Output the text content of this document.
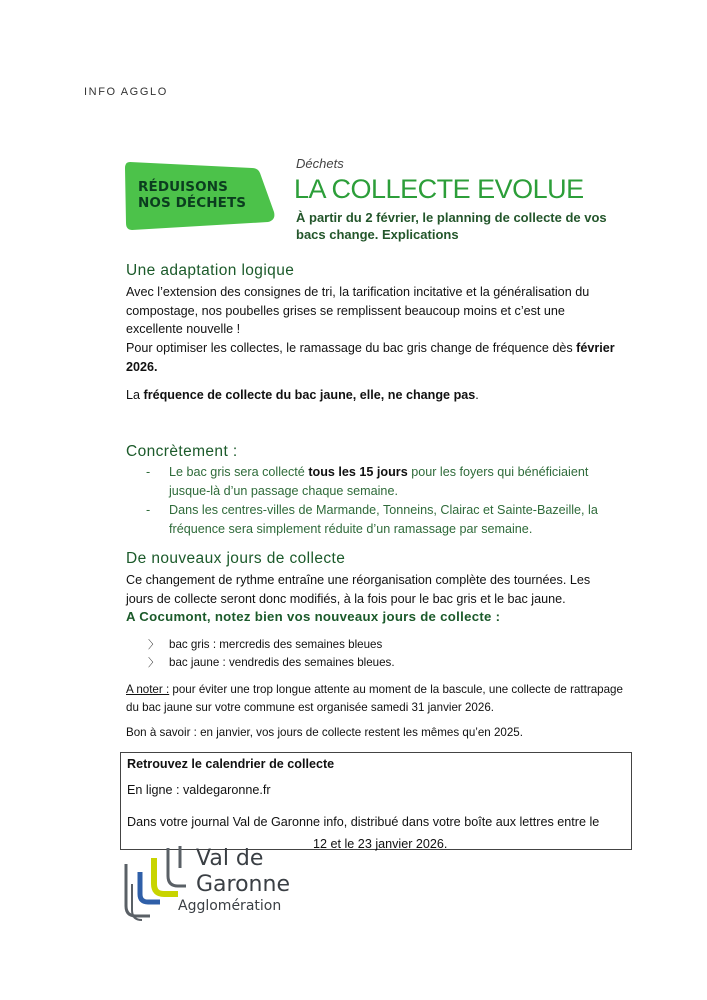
INFO AGGLO
RÉDUISONS
NOS DÉCHETS
Déchets
LA COLLECTE EVOLUE
À partir du 2 février, le planning de collecte de vos bacs change. Explications
Une adaptation logique
Avec l’extension des consignes de tri, la tarification incitative et la généralisation du compostage, nos poubelles grises se remplissent beaucoup moins et c’est une excellente nouvelle !
Pour optimiser les collectes, le ramassage du bac gris change de fréquence dès février 2026.
La fréquence de collecte du bac jaune, elle, ne change pas.
Concrètement :
- Le bac gris sera collecté tous les 15 jours pour les foyers qui bénéficiaient jusque-là d’un passage chaque semaine.
- Dans les centres-villes de Marmande, Tonneins, Clairac et Sainte-Bazeille, la fréquence sera simplement réduite d’un ramassage par semaine.
De nouveaux jours de collecte
Ce changement de rythme entraîne une réorganisation complète des tournées. Les jours de collecte seront donc modifiés, à la fois pour le bac gris et le bac jaune.
A Cocumont, notez bien vos nouveaux jours de collecte :
〉 bac gris : mercredis des semaines bleues
〉 bac jaune : vendredis des semaines bleues.
A noter : pour éviter une trop longue attente au moment de la bascule, une collecte de rattrapage du bac jaune sur votre commune est organisée samedi 31 janvier 2026.
Bon à savoir : en janvier, vos jours de collecte restent les mêmes qu’en 2025.
Retrouvez le calendrier de collecte
En ligne : valdegaronne.fr
Dans votre journal Val de Garonne info, distribué dans votre boîte aux lettres entre le
12 et le 23 janvier 2026.
Val de
Garonne
Agglomération
